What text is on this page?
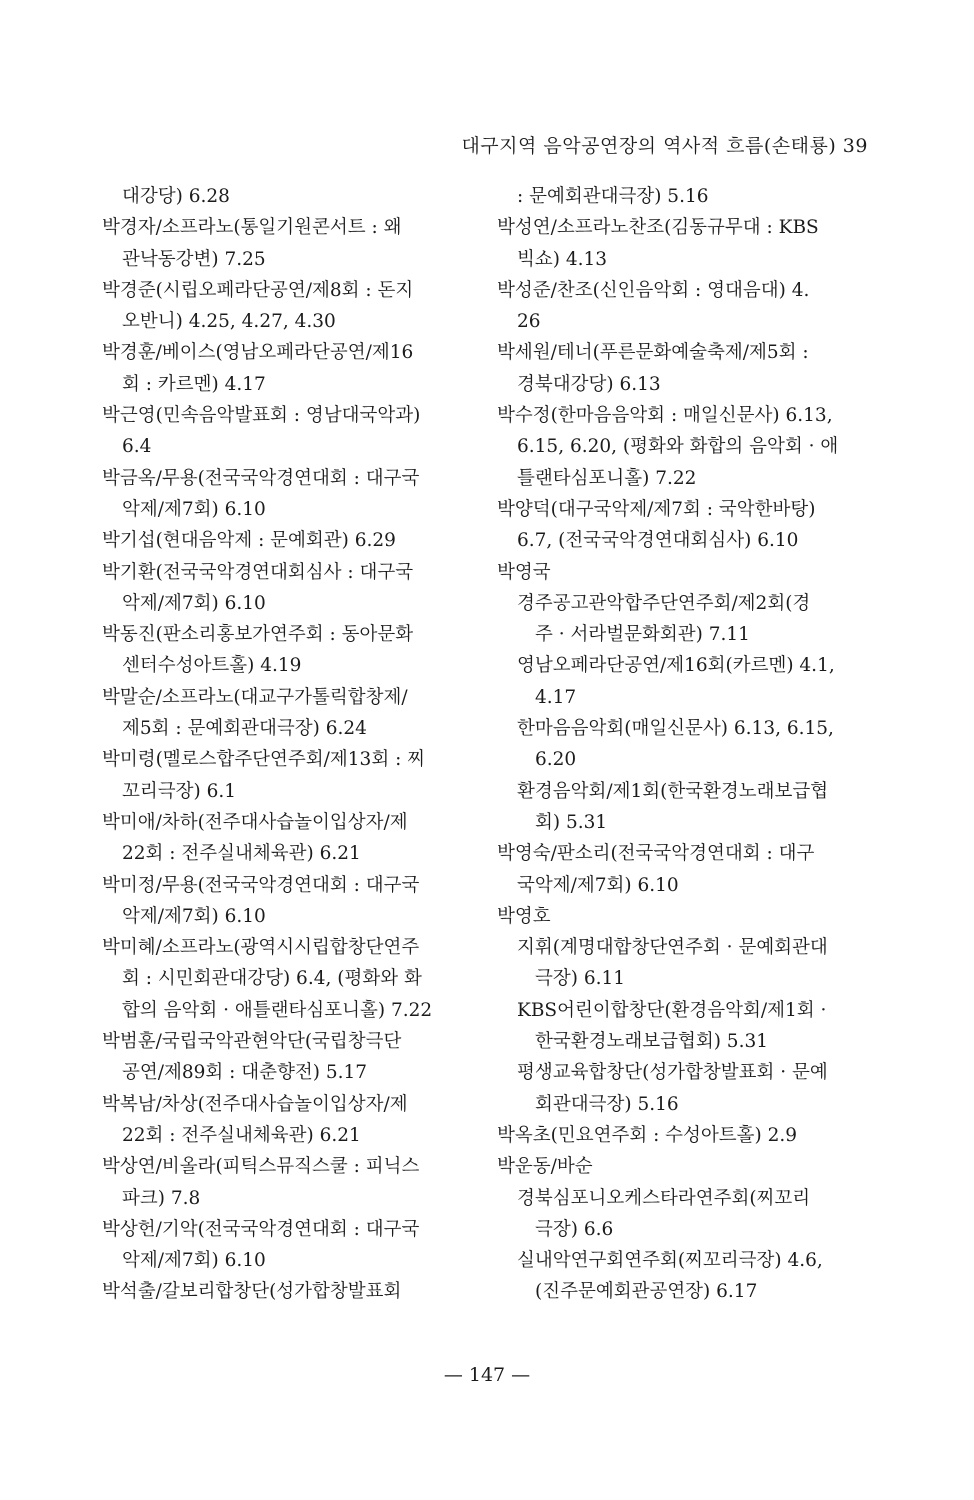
대구지역 음악공연장의 역사적 흐름(손태룡) 39
대강당) 6.28
박경자/소프라노(통일기원콘서트 : 왜
관낙동강변) 7.25
박경준(시립오페라단공연/제8회 : 돈지
오반니) 4.25, 4.27, 4.30
박경훈/베이스(영남오페라단공연/제16
회 : 카르멘) 4.17
박근영(민속음악발표회 : 영남대국악과)
6.4
박금옥/무용(전국국악경연대회 : 대구국
악제/제7회) 6.10
박기섭(현대음악제 : 문예회관) 6.29
박기환(전국국악경연대회심사 : 대구국
악제/제7회) 6.10
박동진(판소리홍보가연주회 : 동아문화
센터수성아트홀) 4.19
박말순/소프라노(대교구가톨릭합창제/
제5회 : 문예회관대극장) 6.24
박미령(멜로스합주단연주회/제13회 : 찌
꼬리극장) 6.1
박미애/차하(전주대사습놀이입상자/제
22회 : 전주실내체육관) 6.21
박미정/무용(전국국악경연대회 : 대구국
악제/제7회) 6.10
박미혜/소프라노(광역시시립합창단연주
회 : 시민회관대강당) 6.4, (평화와 화
합의 음악회 · 애틀랜타심포니홀) 7.22
박범훈/국립국악관현악단(국립창극단
공연/제89회 : 대춘향전) 5.17
박복남/차상(전주대사습놀이입상자/제
22회 : 전주실내체육관) 6.21
박상연/비올라(피틱스뮤직스쿨 : 피닉스
파크) 7.8
박상헌/기악(전국국악경연대회 : 대구국
악제/제7회) 6.10
박석출/갈보리합창단(성가합창발표회
: 문예회관대극장) 5.16
박성연/소프라노찬조(김동규무대 : KBS
빅쇼) 4.13
박성준/찬조(신인음악회 : 영대음대) 4.
26
박세원/테너(푸른문화예술축제/제5회 :
경북대강당) 6.13
박수정(한마음음악회 : 매일신문사) 6.13,
6.15, 6.20, (평화와 화합의 음악회 · 애
틀랜타심포니홀) 7.22
박양덕(대구국악제/제7회 : 국악한바탕)
6.7, (전국국악경연대회심사) 6.10
박영국
경주공고관악합주단연주회/제2회(경
주 · 서라벌문화회관) 7.11
영남오페라단공연/제16회(카르멘) 4.1,
4.17
한마음음악회(매일신문사) 6.13, 6.15,
6.20
환경음악회/제1회(한국환경노래보급협
회) 5.31
박영숙/판소리(전국국악경연대회 : 대구
국악제/제7회) 6.10
박영호
지휘(계명대합창단연주회 · 문예회관대
극장) 6.11
KBS어린이합창단(환경음악회/제1회 ·
한국환경노래보급협회) 5.31
평생교육합창단(성가합창발표회 · 문예
회관대극장) 5.16
박옥초(민요연주회 : 수성아트홀) 2.9
박운동/바순
경북심포니오케스타라연주회(찌꼬리
극장) 6.6
실내악연구회연주회(찌꼬리극장) 4.6,
(진주문예회관공연장) 6.17
— 147 —
